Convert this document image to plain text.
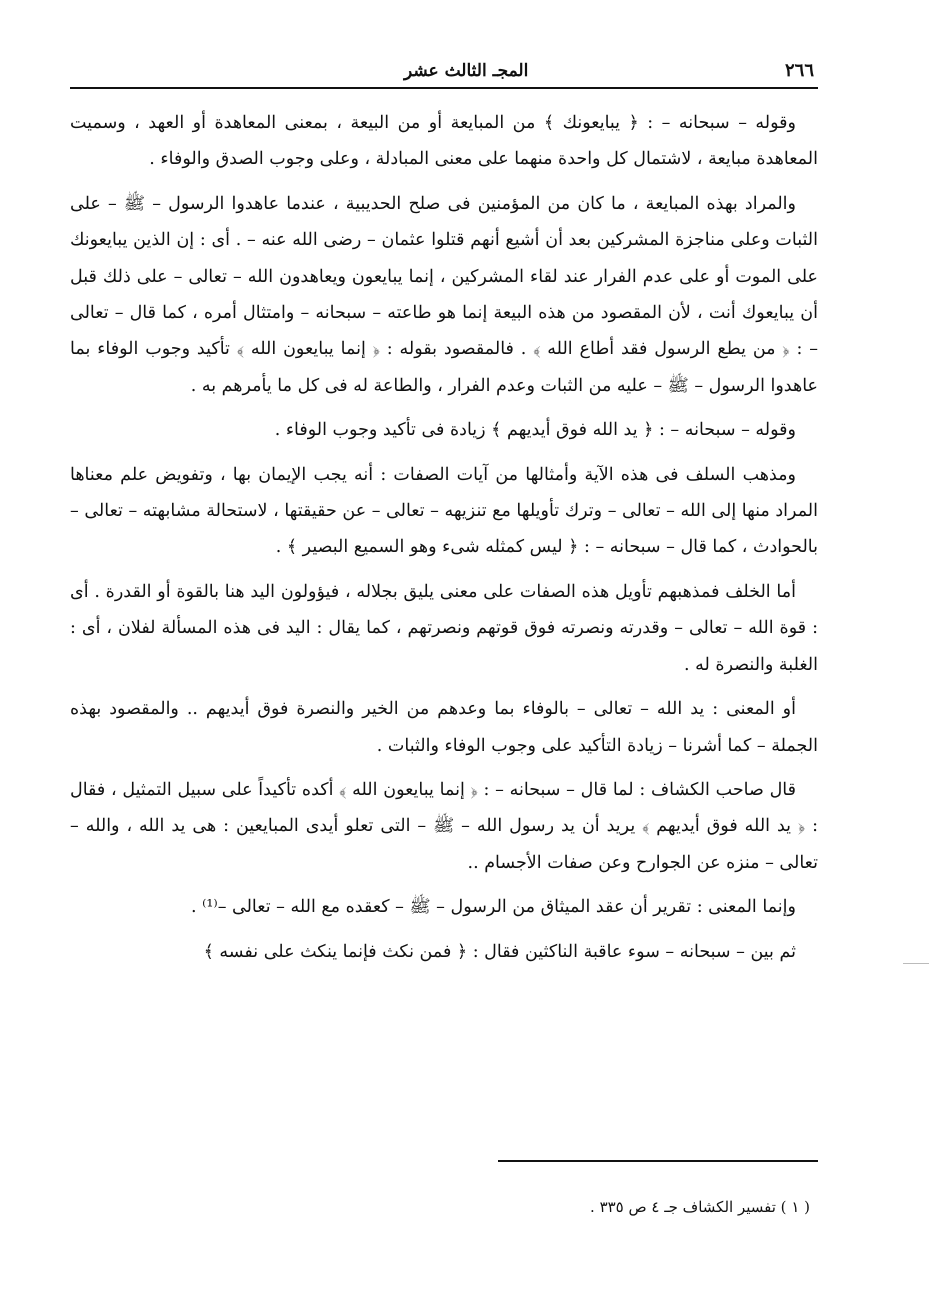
٢٦٦
المجـ الثالث عشر

وقوله – سبحانه – : ﴿ يبايعونك ﴾ من المبايعة أو من البيعة ، بمعنى المعاهدة أو العهد ، وسميت المعاهدة مبايعة ، لاشتمال كل واحدة منهما على معنى المبادلة ، وعلى وجوب الصدق والوفاء .

والمراد بهذه المبايعة ، ما كان من المؤمنين فى صلح الحديبية ، عندما عاهدوا الرسول – ﷺ – على الثبات وعلى مناجزة المشركين بعد أن أشيع أنهم قتلوا عثمان – رضى الله عنه – . أى : إن الذين يبايعونك على الموت أو على عدم الفرار عند لقاء المشركين ، إنما يبايعون ويعاهدون الله – تعالى – على ذلك قبل أن يبايعوك أنت ، لأن المقصود من هذه البيعة إنما هو طاعته – سبحانه – وامتثال أمره ، كما قال – تعالى – : ﴿ من يطع الرسول فقد أطاع الله ﴾ . فالمقصود بقوله : ﴿ إنما يبايعون الله ﴾ تأكيد وجوب الوفاء بما عاهدوا الرسول – ﷺ – عليه من الثبات وعدم الفرار ، والطاعة له فى كل ما يأمرهم به .

وقوله – سبحانه – : ﴿ يد الله فوق أيديهم ﴾ زيادة فى تأكيد وجوب الوفاء .

ومذهب السلف فى هذه الآية وأمثالها من آيات الصفات : أنه يجب الإيمان بها ، وتفويض علم معناها المراد منها إلى الله – تعالى – وترك تأويلها مع تنزيهه – تعالى – عن حقيقتها ، لاستحالة مشابهته – تعالى – بالحوادث ، كما قال – سبحانه – : ﴿ ليس كمثله شىء وهو السميع البصير ﴾ .

أما الخلف فمذهبهم تأويل هذه الصفات على معنى يليق بجلاله ، فيؤولون اليد هنا بالقوة أو القدرة . أى : قوة الله – تعالى – وقدرته ونصرته فوق قوتهم ونصرتهم ، كما يقال : اليد فى هذه المسألة لفلان ، أى : الغلبة والنصرة له .

أو المعنى : يد الله – تعالى – بالوفاء بما وعدهم من الخير والنصرة فوق أيديهم .. والمقصود بهذه الجملة – كما أشرنا – زيادة التأكيد على وجوب الوفاء والثبات .

قال صاحب الكشاف : لما قال – سبحانه – : ﴿ إنما يبايعون الله ﴾ أكده تأكيداً على سبيل التمثيل ، فقال : ﴿ يد الله فوق أيديهم ﴾ يريد أن يد رسول الله – ﷺ – التى تعلو أيدى المبايعين : هى يد الله ، والله – تعالى – منزه عن الجوارح وعن صفات الأجسام ..

وإنما المعنى : تقرير أن عقد الميثاق من الرسول – ﷺ – كعقده مع الله – تعالى –⁽¹⁾ .

ثم بين – سبحانه – سوء عاقبة الناكثين فقال : ﴿ فمن نكث فإنما ينكث على نفسه ﴾

( ١ ) تفسير الكشاف جـ ٤ ص ٣٣٥ .
